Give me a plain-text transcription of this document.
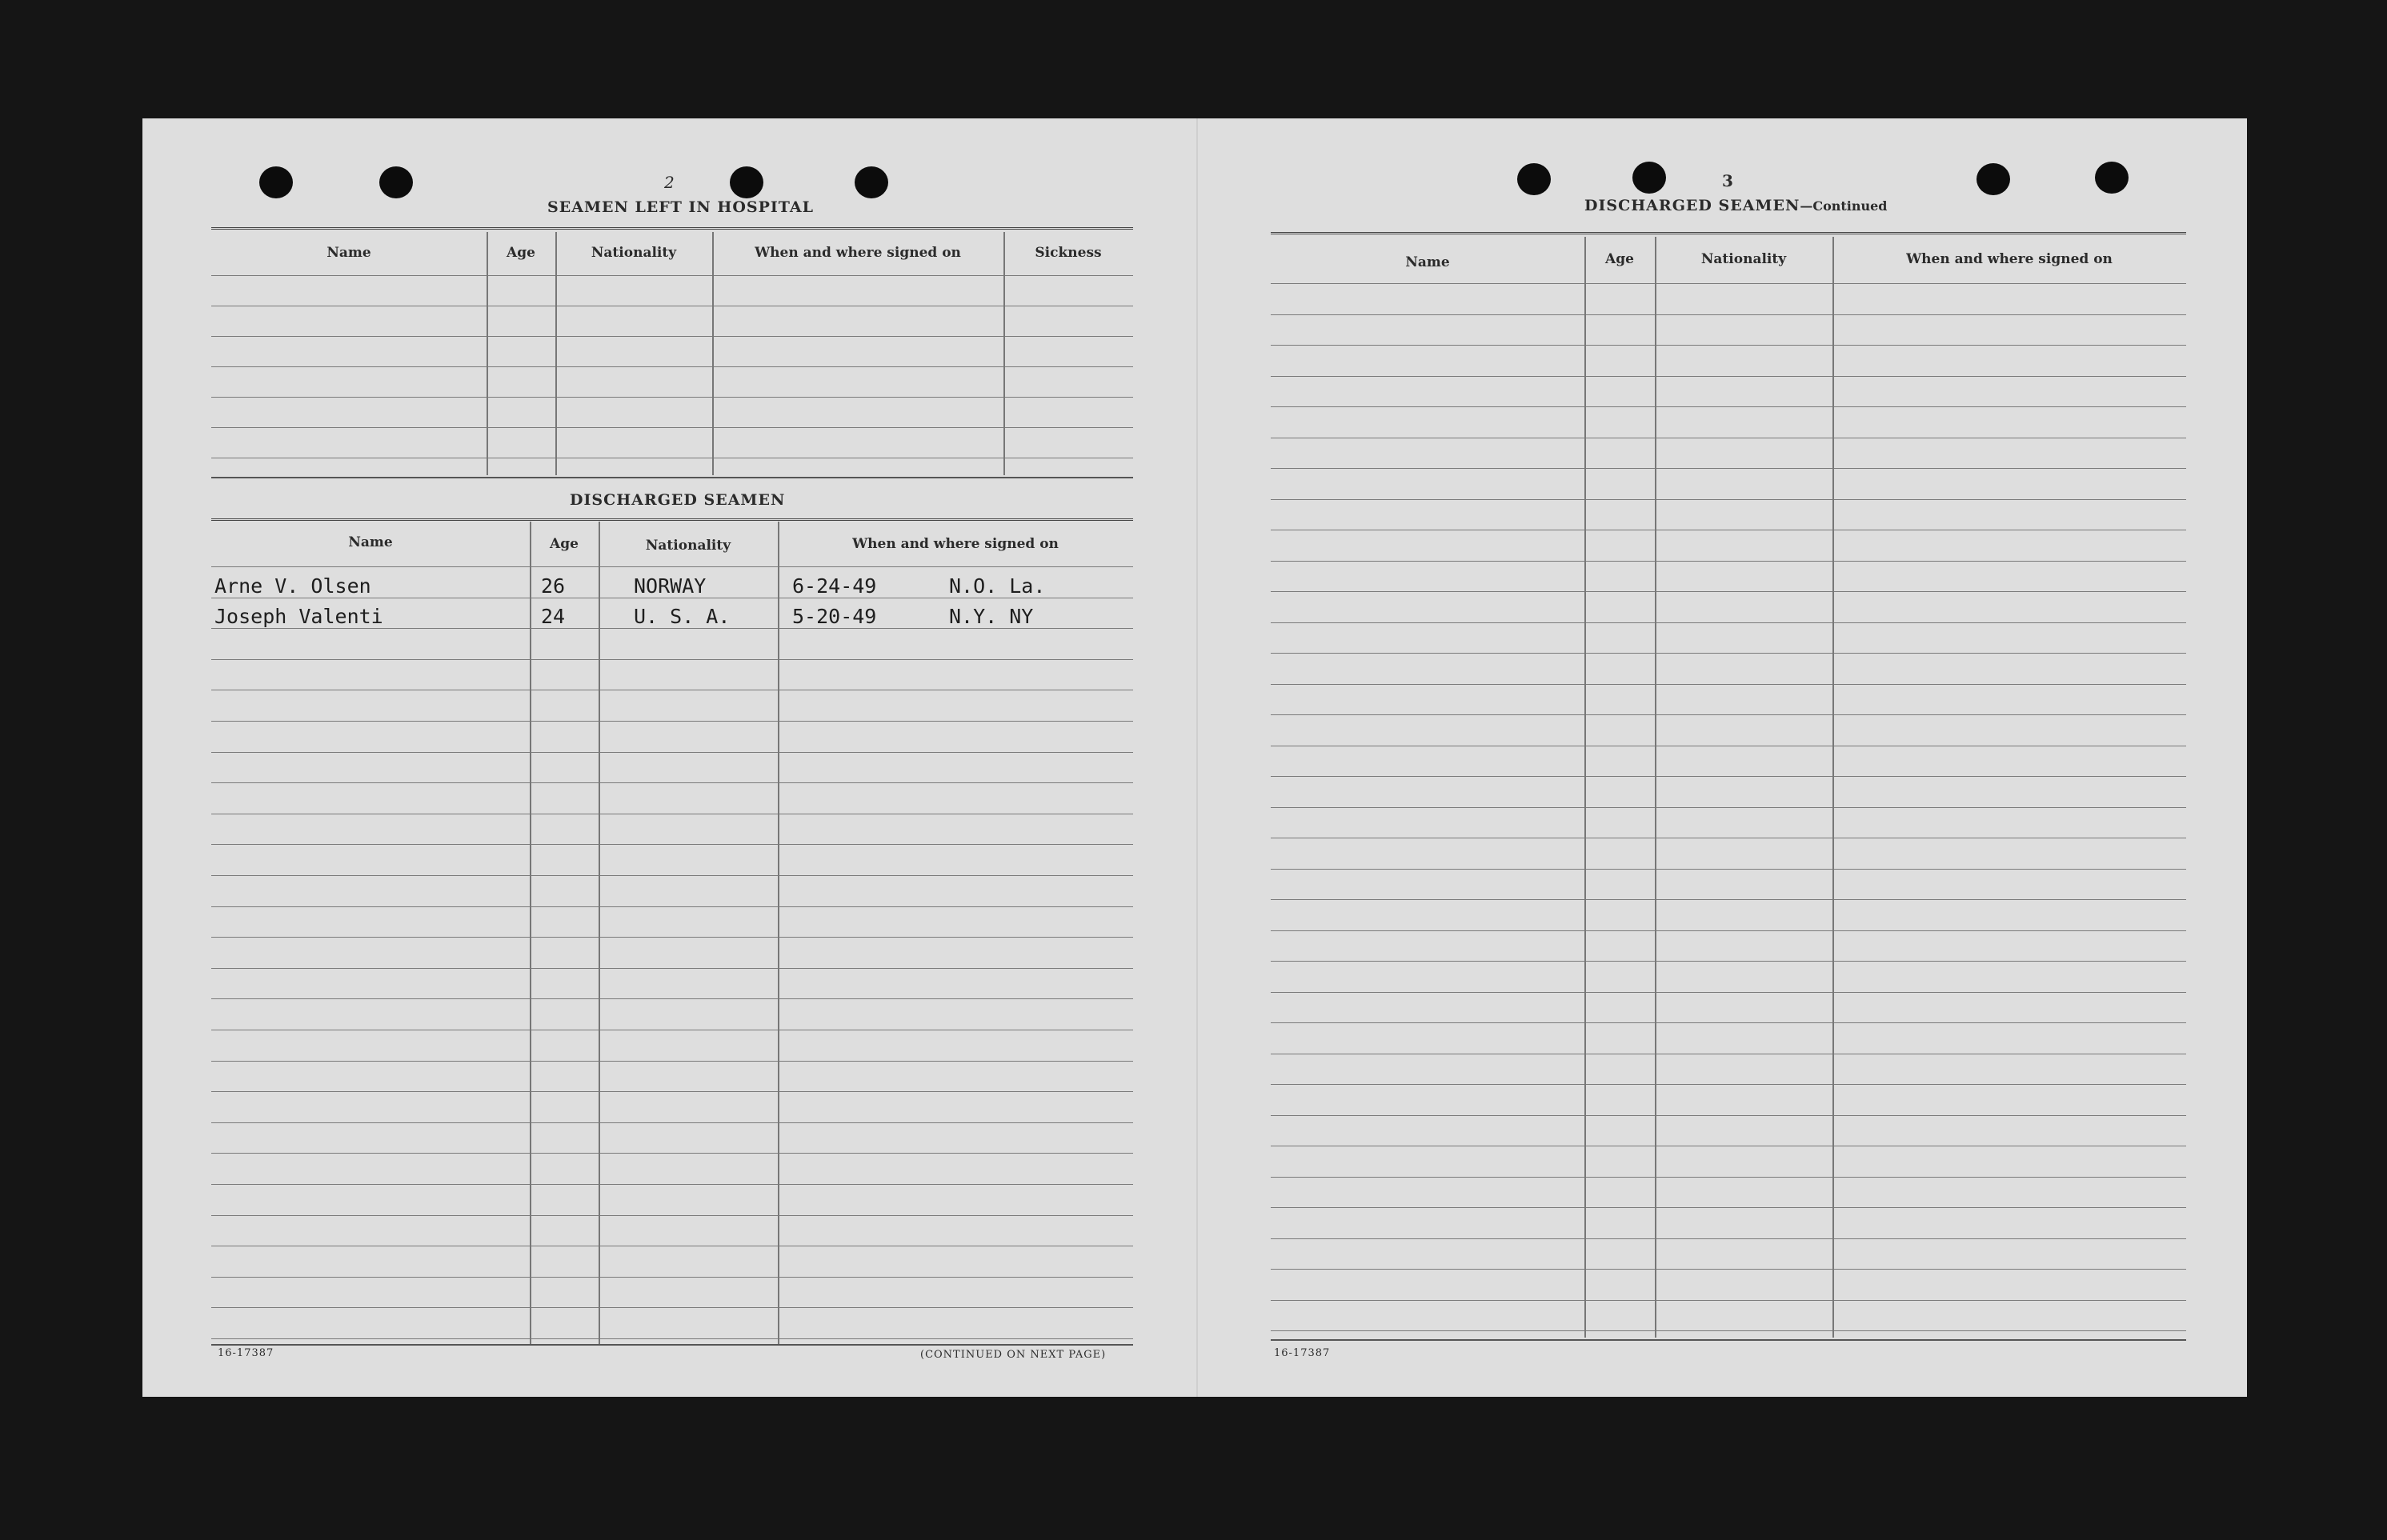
2
SEAMEN LEFT IN HOSPITAL
Name	Age	Nationality	When and where signed on	Sickness
DISCHARGED SEAMEN
Name	Age	Nationality	When and where signed on
Arne V. Olsen	26	NORWAY	6-24-49	N.O. La.
Joseph Valenti	24	U. S. A.	5-20-49	N.Y. NY
16-17387	(CONTINUED ON NEXT PAGE)
3
DISCHARGED SEAMEN—Continued
Name	Age	Nationality	When and where signed on
16-17387
